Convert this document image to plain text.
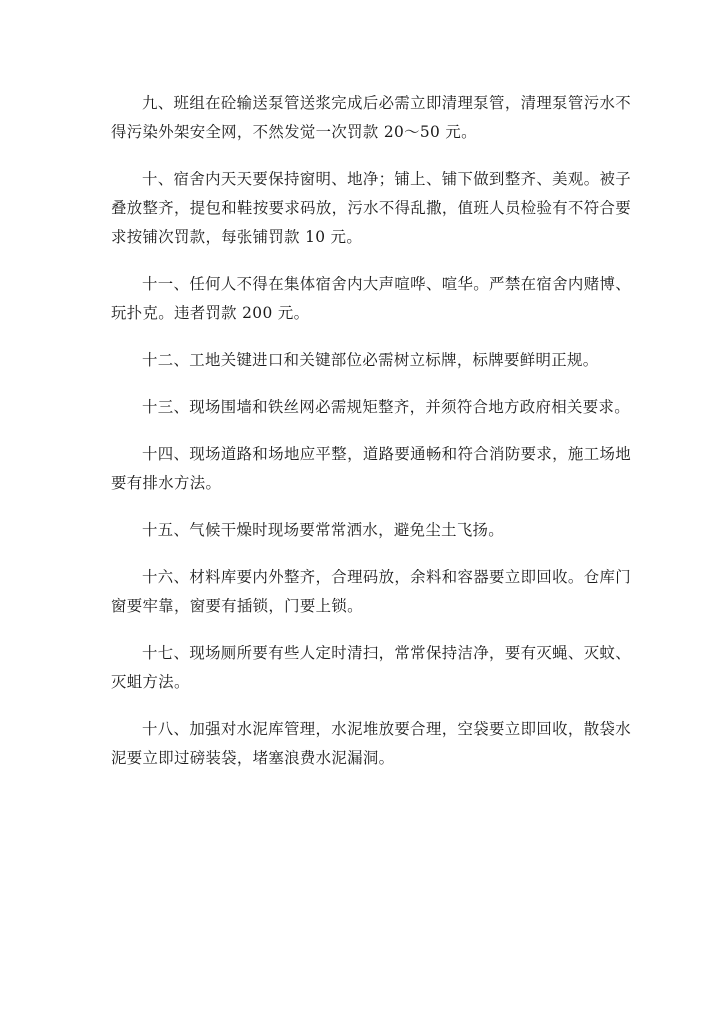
九、班组在砼输送泵管送浆完成后必需立即清理泵管，清理泵管污水不得污染外架安全网，不然发觉一次罚款 20～50 元。

十、宿舍内天天要保持窗明、地净；铺上、铺下做到整齐、美观。被子叠放整齐，提包和鞋按要求码放，污水不得乱撒，值班人员检验有不符合要求按铺次罚款，每张铺罚款 10 元。

十一、任何人不得在集体宿舍内大声喧哗、喧华。严禁在宿舍内赌博、玩扑克。违者罚款 200 元。

十二、工地关键进口和关键部位必需树立标牌，标牌要鲜明正规。

十三、现场围墙和铁丝网必需规矩整齐，并须符合地方政府相关要求。

十四、现场道路和场地应平整，道路要通畅和符合消防要求，施工场地要有排水方法。

十五、气候干燥时现场要常常洒水，避免尘土飞扬。

十六、材料库要内外整齐，合理码放，余料和容器要立即回收。仓库门窗要牢靠，窗要有插锁，门要上锁。

十七、现场厕所要有些人定时清扫，常常保持洁净，要有灭蝇、灭蚊、灭蛆方法。

十八、加强对水泥库管理，水泥堆放要合理，空袋要立即回收，散袋水泥要立即过磅装袋，堵塞浪费水泥漏洞。
